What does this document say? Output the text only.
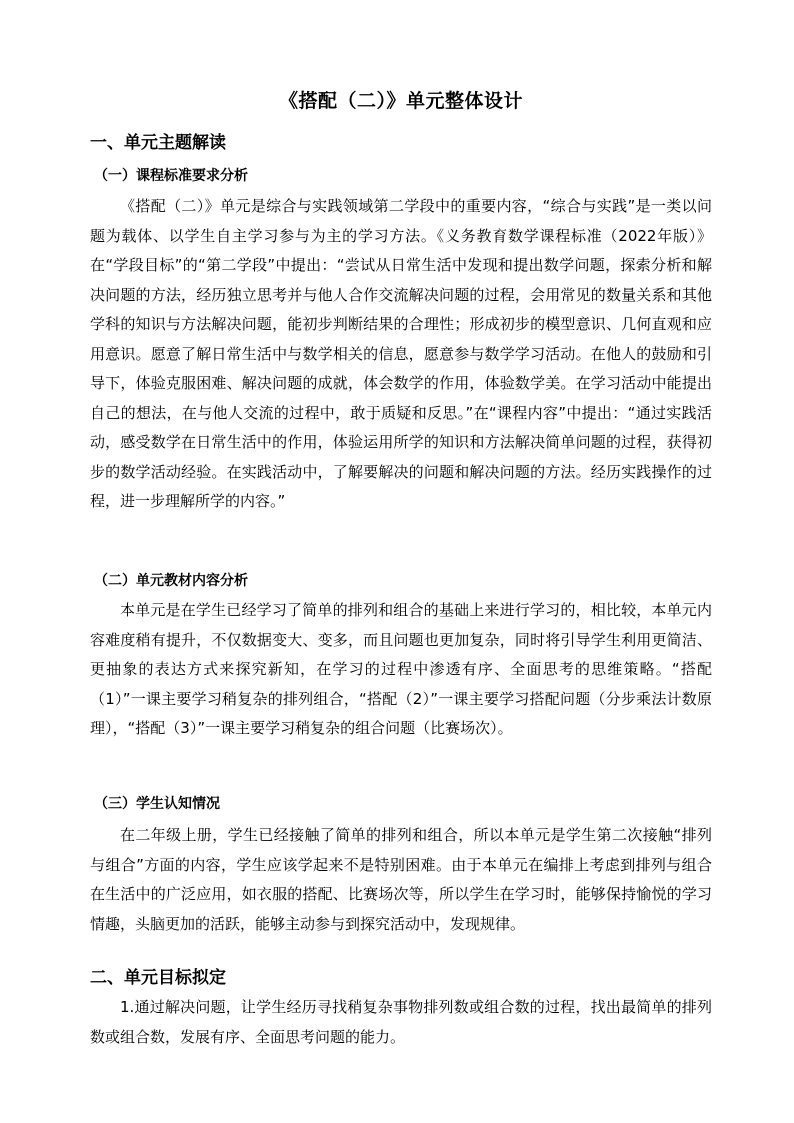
《搭配（二）》单元整体设计
一、单元主题解读
（一）课程标准要求分析
《搭配（二）》单元是综合与实践领域第二学段中的重要内容，“综合与实践”是一类以问题为载体、以学生自主学习参与为主的学习方法。《义务教育数学课程标准（2022年版）》在“学段目标”的“第二学段”中提出：“尝试从日常生活中发现和提出数学问题，探索分析和解决问题的方法，经历独立思考并与他人合作交流解决问题的过程，会用常见的数量关系和其他学科的知识与方法解决问题，能初步判断结果的合理性；形成初步的模型意识、几何直观和应用意识。愿意了解日常生活中与数学相关的信息，愿意参与数学学习活动。在他人的鼓励和引导下，体验克服困难、解决问题的成就，体会数学的作用，体验数学美。在学习活动中能提出自己的想法，在与他人交流的过程中，敢于质疑和反思。”在“课程内容”中提出：“通过实践活动，感受数学在日常生活中的作用，体验运用所学的知识和方法解决简单问题的过程，获得初步的数学活动经验。在实践活动中，了解要解决的问题和解决问题的方法。经历实践操作的过程，进一步理解所学的内容。”
（二）单元教材内容分析
本单元是在学生已经学习了简单的排列和组合的基础上来进行学习的，相比较，本单元内容难度稍有提升，不仅数据变大、变多，而且问题也更加复杂，同时将引导学生利用更简洁、更抽象的表达方式来探究新知，在学习的过程中渗透有序、全面思考的思维策略。“搭配（1）”一课主要学习稍复杂的排列组合，“搭配（2）”一课主要学习搭配问题（分步乘法计数原理），“搭配（3）”一课主要学习稍复杂的组合问题（比赛场次）。
（三）学生认知情况
在二年级上册，学生已经接触了简单的排列和组合，所以本单元是学生第二次接触“排列与组合”方面的内容，学生应该学起来不是特别困难。由于本单元在编排上考虑到排列与组合在生活中的广泛应用，如衣服的搭配、比赛场次等，所以学生在学习时，能够保持愉悦的学习情趣，头脑更加的活跃，能够主动参与到探究活动中，发现规律。
二、单元目标拟定
1.通过解决问题，让学生经历寻找稍复杂事物排列数或组合数的过程，找出最简单的排列数或组合数，发展有序、全面思考问题的能力。
